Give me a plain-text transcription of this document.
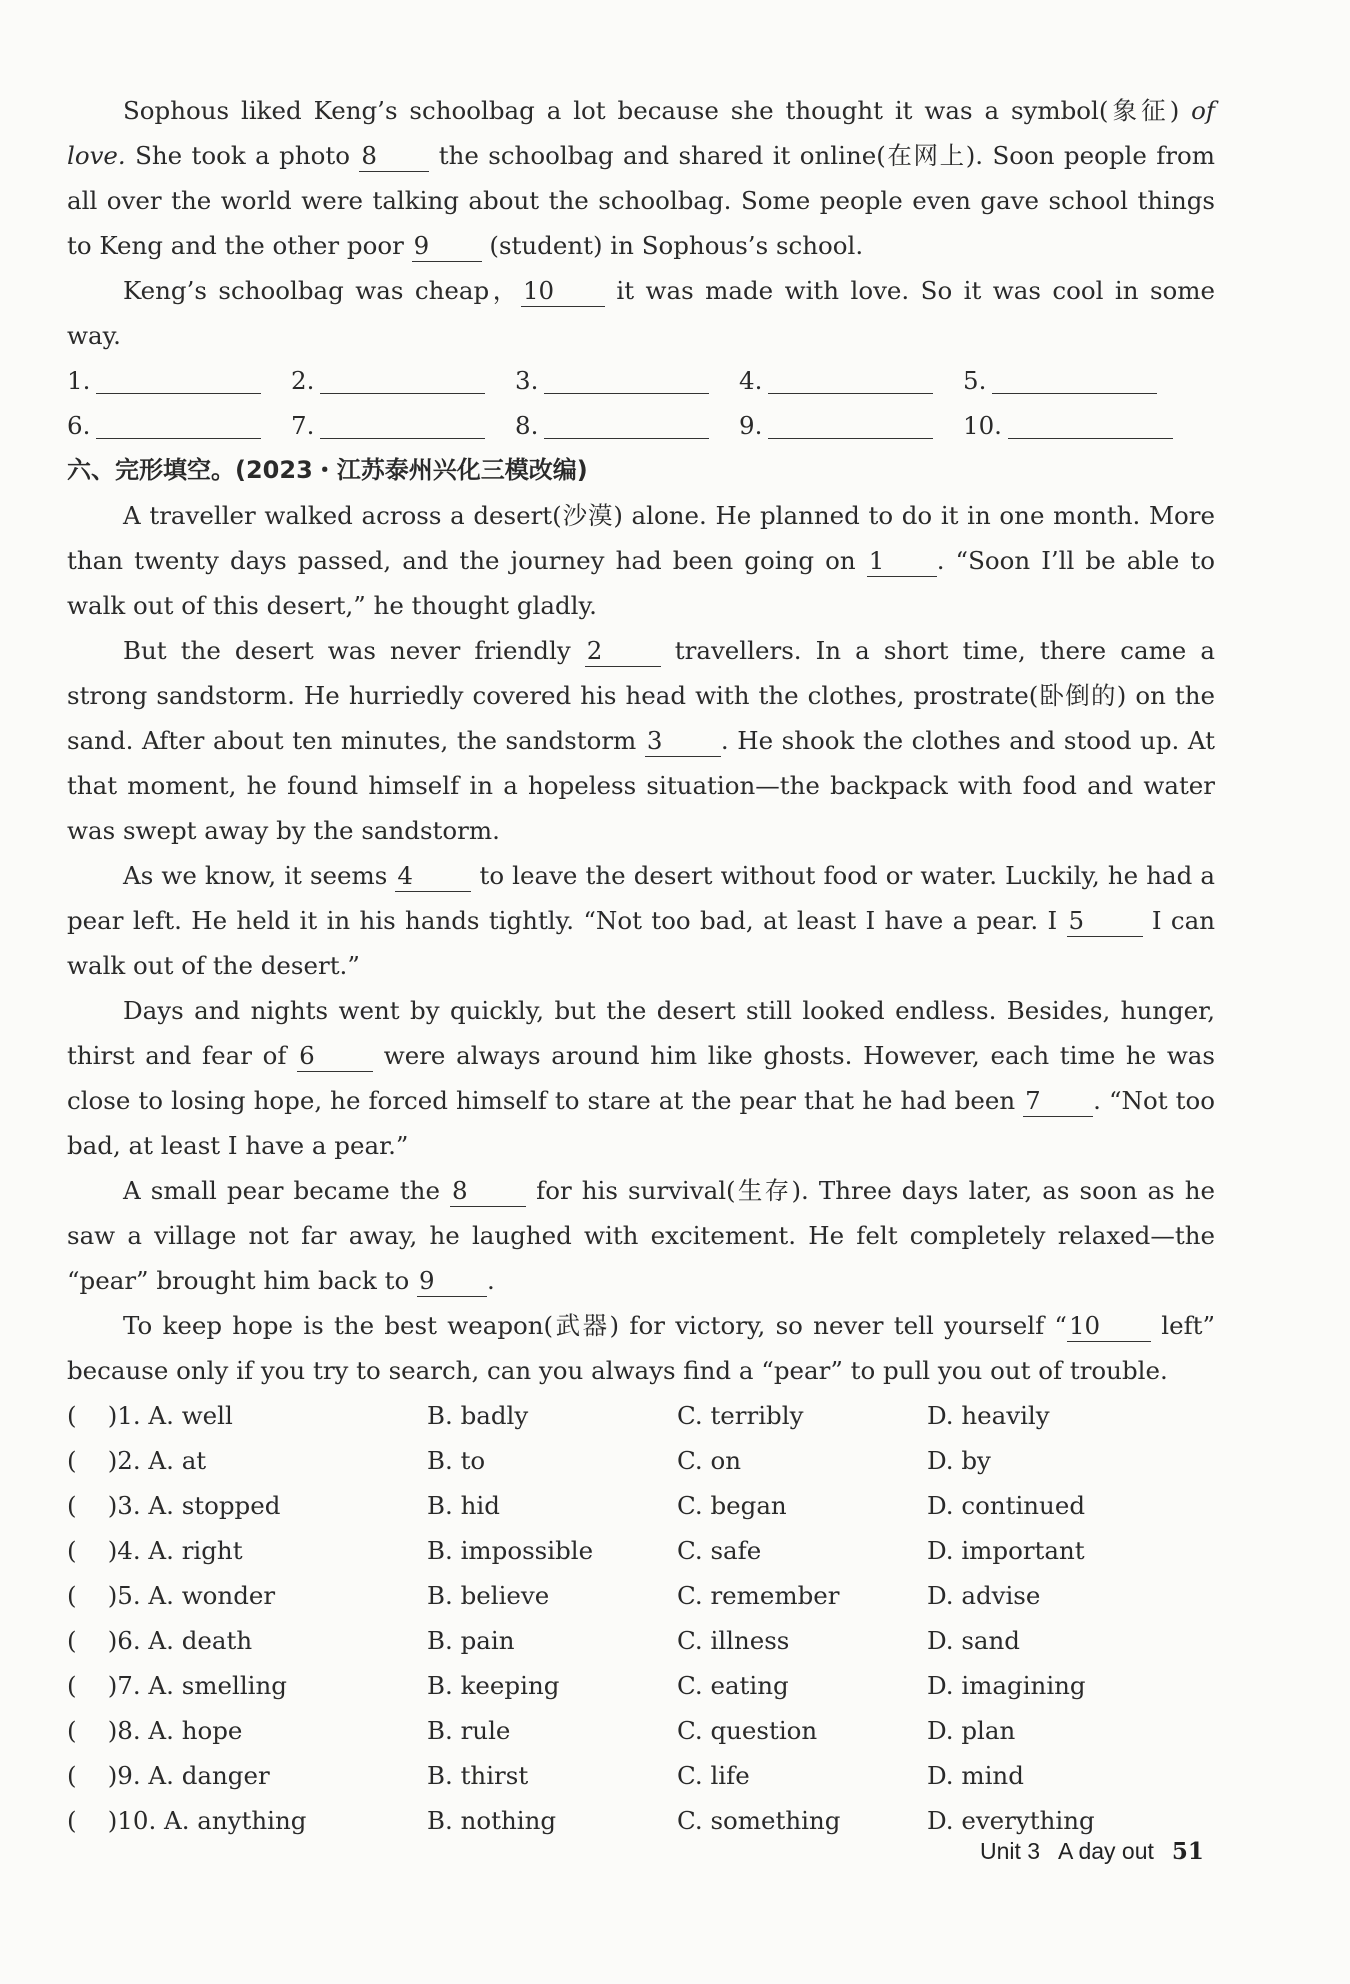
Sophous liked Keng’s schoolbag a lot because she thought it was a symbol(象征) of love. She took a photo 8 the schoolbag and shared it online(在网上). Soon people from all over the world were talking about the schoolbag. Some people even gave school things to Keng and the other poor 9 (student) in Sophous’s school.

Keng’s schoolbag was cheap，10 it was made with love. So it was cool in some way.

1.	2.	3.	4.	5.
6.	7.	8.	9.	10.

六、完形填空。(2023・江苏泰州兴化三模改编)

A traveller walked across a desert(沙漠) alone. He planned to do it in one month. More than twenty days passed, and the journey had been going on 1 . “Soon I’ll be able to walk out of this desert,” he thought gladly.

But the desert was never friendly 2 travellers. In a short time, there came a strong sandstorm. He hurriedly covered his head with the clothes, prostrate(卧倒的) on the sand. After about ten minutes, the sandstorm 3 . He shook the clothes and stood up. At that moment, he found himself in a hopeless situation—the backpack with food and water was swept away by the sandstorm.

As we know, it seems 4 to leave the desert without food or water. Luckily, he had a pear left. He held it in his hands tightly. “Not too bad, at least I have a pear. I 5 I can walk out of the desert.”

Days and nights went by quickly, but the desert still looked endless. Besides, hunger, thirst and fear of 6 were always around him like ghosts. However, each time he was close to losing hope, he forced himself to stare at the pear that he had been 7 . “Not too bad, at least I have a pear.”

A small pear became the 8 for his survival(生存). Three days later, as soon as he saw a village not far away, he laughed with excitement. He felt completely relaxed—the “pear” brought him back to 9 .

To keep hope is the best weapon(武器) for victory, so never tell yourself “10 left” because only if you try to search, can you always find a “pear” to pull you out of trouble.

(    )1. A. well	B. badly	C. terribly	D. heavily
(    )2. A. at	B. to	C. on	D. by
(    )3. A. stopped	B. hid	C. began	D. continued
(    )4. A. right	B. impossible	C. safe	D. important
(    )5. A. wonder	B. believe	C. remember	D. advise
(    )6. A. death	B. pain	C. illness	D. sand
(    )7. A. smelling	B. keeping	C. eating	D. imagining
(    )8. A. hope	B. rule	C. question	D. plan
(    )9. A. danger	B. thirst	C. life	D. mind
(    )10. A. anything	B. nothing	C. something	D. everything
Unit 3   A day out 51
